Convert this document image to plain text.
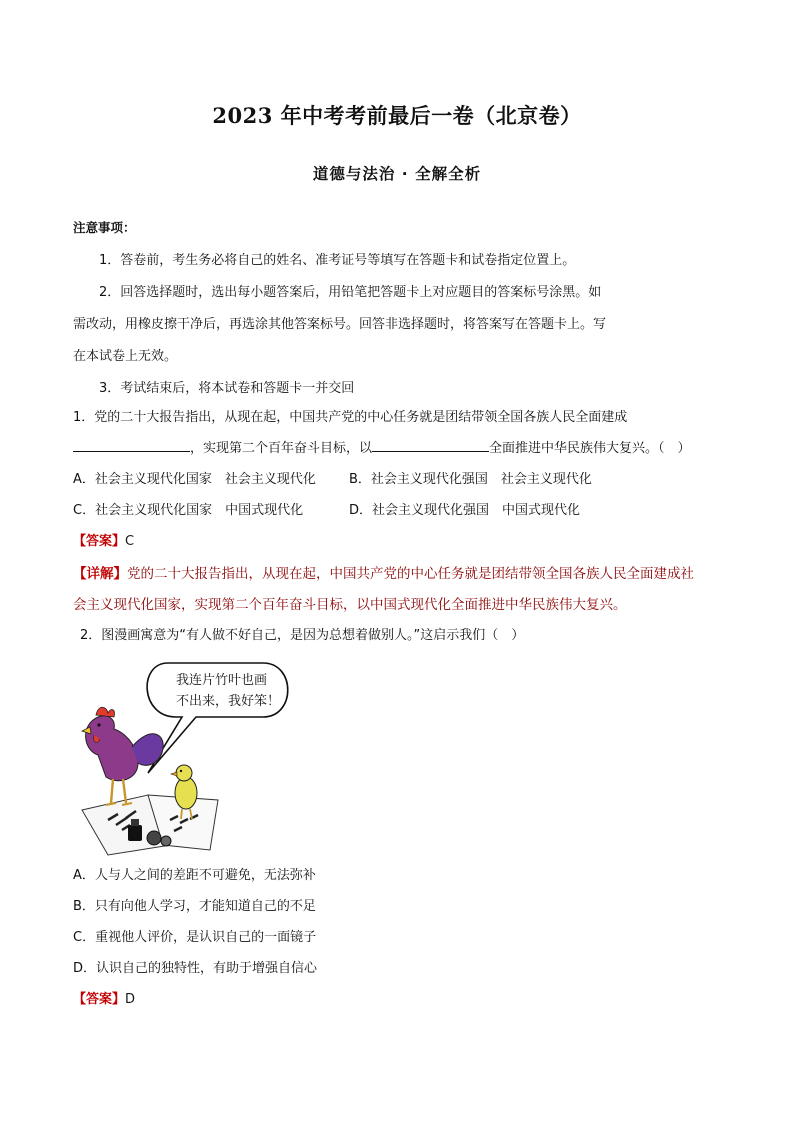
2023 年中考考前最后一卷（北京卷）
道德与法治 · 全解全析
注意事项：
1．答卷前，考生务必将自己的姓名、准考证号等填写在答题卡和试卷指定位置上。
2．回答选择题时，选出每小题答案后，用铅笔把答题卡上对应题目的答案标号涂黑。如
需改动，用橡皮擦干净后，再选涂其他答案标号。回答非选择题时，将答案写在答题卡上。写
在本试卷上无效。
3．考试结束后，将本试卷和答题卡一并交回
1．党的二十大报告指出，从现在起，中国共产党的中心任务就是团结带领全国各族人民全面建成
，实现第二个百年奋斗目标，以	全面推进中华民族伟大复兴。（　）
A．社会主义现代化国家　社会主义现代化	B．社会主义现代化强国　社会主义现代化
C．社会主义现代化国家　中国式现代化	D．社会主义现代化强国　中国式现代化
【答案】C
【详解】党的二十大报告指出，从现在起，中国共产党的中心任务就是团结带领全国各族人民全面建成社
会主义现代化国家，实现第二个百年奋斗目标，以中国式现代化全面推进中华民族伟大复兴。
2．图漫画寓意为“有人做不好自己，是因为总想着做别人。”这启示我们（　）
我连片竹叶也画
不出来，我好笨！
A．人与人之间的差距不可避免，无法弥补
B．只有向他人学习，才能知道自己的不足
C．重视他人评价，是认识自己的一面镜子
D．认识自己的独特性，有助于增强自信心
【答案】D
